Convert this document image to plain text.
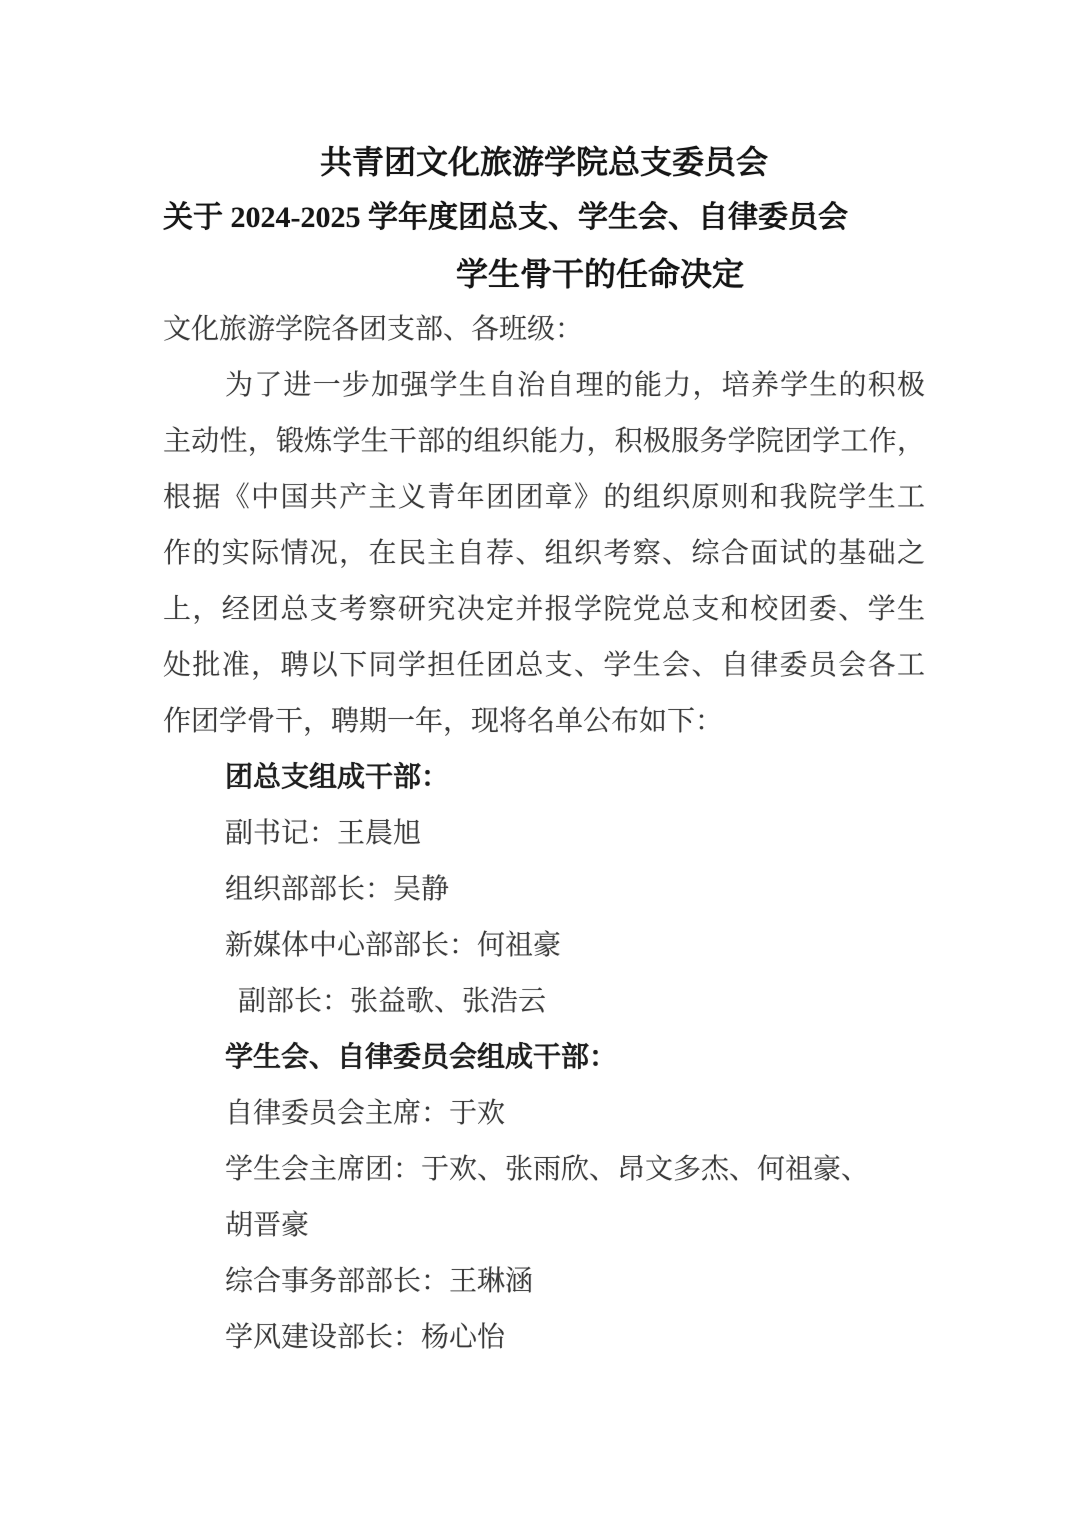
共青团文化旅游学院总支委员会
关于 2024-2025 学年度团总支、学生会、自律委员会
学生骨干的任命决定
文化旅游学院各团支部、各班级：
为了进一步加强学生自治自理的能力，培养学生的积极
主动性，锻炼学生干部的组织能力，积极服务学院团学工作，
根据《中国共产主义青年团团章》的组织原则和我院学生工
作的实际情况，在民主自荐、组织考察、综合面试的基础之
上，经团总支考察研究决定并报学院党总支和校团委、学生
处批准，聘以下同学担任团总支、学生会、自律委员会各工
作团学骨干，聘期一年，现将名单公布如下：
团总支组成干部：
副书记：王晨旭
组织部部长：吴静
新媒体中心部部长：何祖豪
副部长：张益歌、张浩云
学生会、自律委员会组成干部：
自律委员会主席：于欢
学生会主席团：于欢、张雨欣、昂文多杰、何祖豪、
胡晋豪
综合事务部部长：王琳涵
学风建设部长：杨心怡
